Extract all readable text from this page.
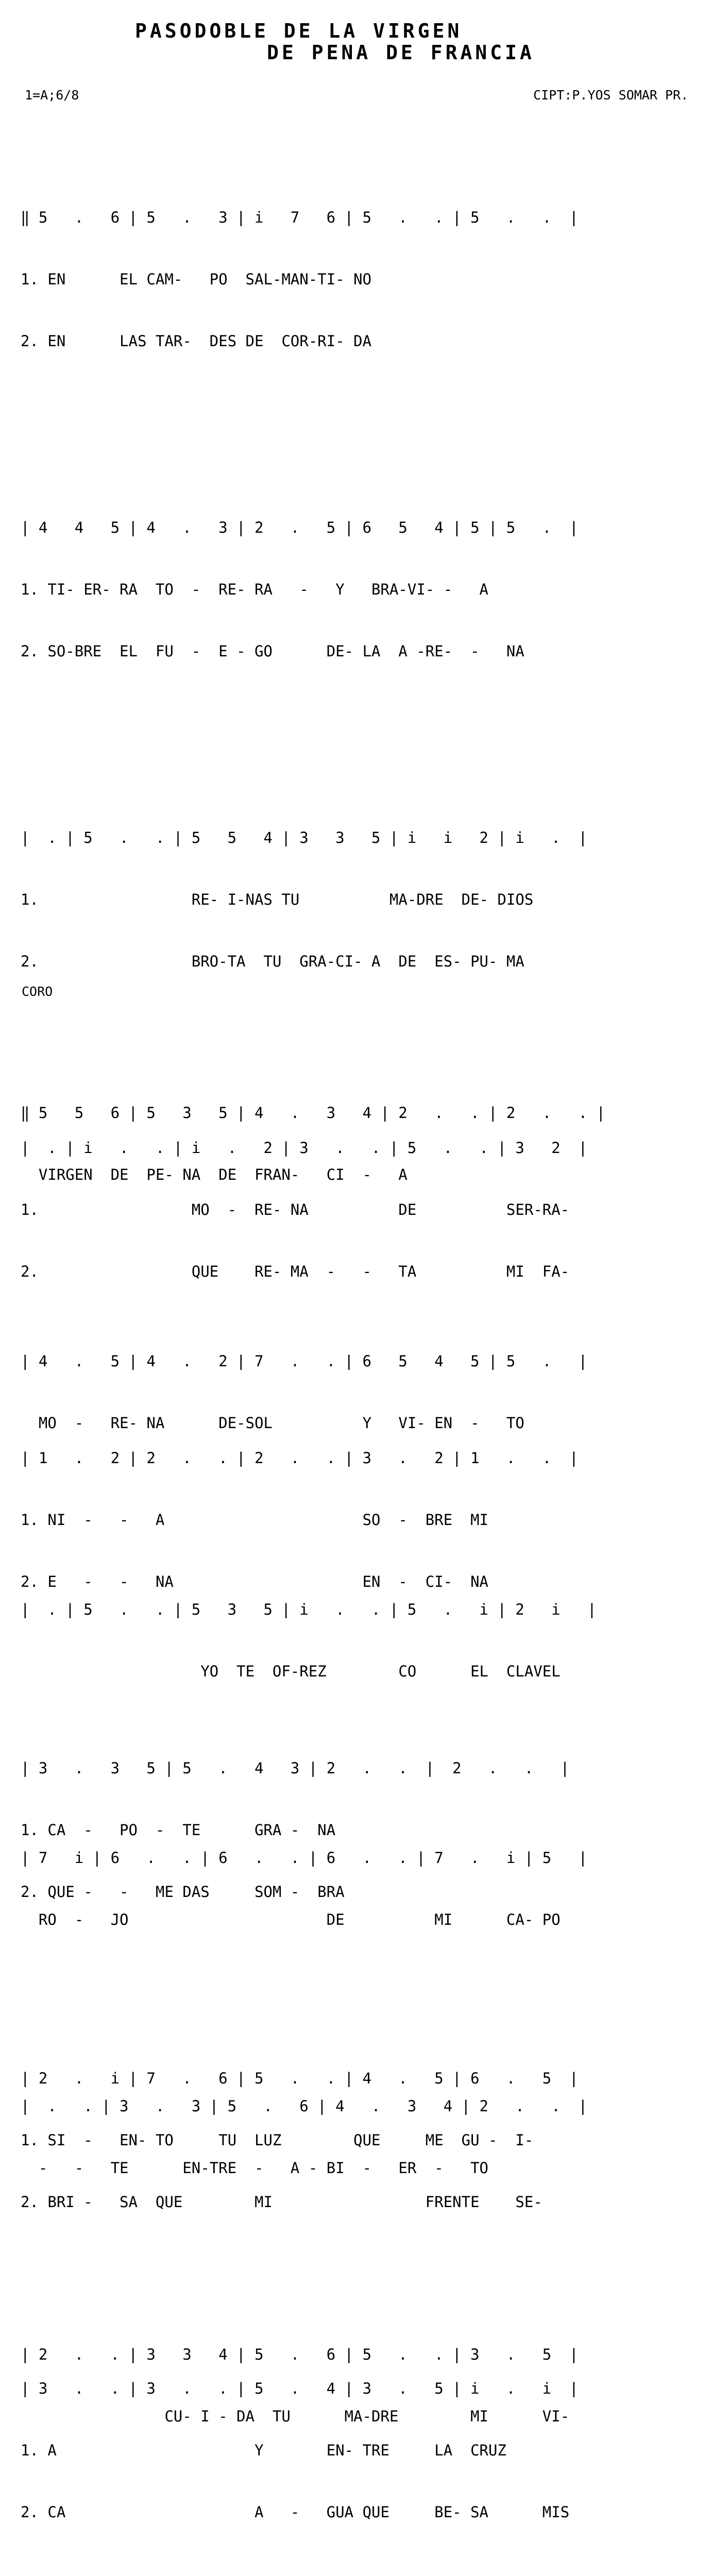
PASODOBLE DE LA VIRGEN
DE PENA DE FRANCIA
1=A;6/8	CIPT:P.YOS SOMAR PR.

‖ 5   .   6 | 5   .   3 | i   7   6 | 5   .   . | 5   .   .  |

1. EN      EL CAM-   PO  SAL-MAN-TI- NO

2. EN      LAS TAR-  DES DE  COR-RI- DA

| 4   4   5 | 4   .   3 | 2   .   5 | 6   5   4 | 5 | 5   .  |

1. TI- ER- RA  TO  -  RE- RA   -   Y   BRA-VI- -   A

2. SO-BRE  EL  FU  -  E - GO      DE- LA  A -RE-  -   NA

|  . | 5   .   . | 5   5   4 | 3   3   5 | i   i   2 | i   .  |

1.                 RE- I-NAS TU          MA-DRE  DE- DIOS

2.                 BRO-TA  TU  GRA-CI- A  DE  ES- PU- MA

|  . | i   .   . | i   .   2 | 3   .   . | 5   .   . | 3   2  |

1.                 MO  -  RE- NA          DE          SER-RA-

2.                 QUE    RE- MA  -   -   TA          MI  FA-

| 1   .   2 | 2   .   . | 2   .   . | 3   .   2 | 1   .   .  |

1. NI  -   -   A                      SO  -  BRE  MI

2. E   -   -   NA                     EN  -  CI-  NA

| 3   .   3   5 | 5   .   4   3 | 2   .   .  |  2   .   .   |

1. CA  -   PO  -  TE      GRA -  NA

2. QUE -   -   ME DAS     SOM -  BRA

| 2   .   i | 7   .   6 | 5   .   . | 4   .   5 | 6   .   5  |

1. SI  -   EN- TO     TU  LUZ        QUE     ME  GU -  I-

2. BRI -   SA  QUE        MI                 FRENTE    SE-

| 3   .   . | 3   .   . | 5   .   4 | 3   .   5 | i   .   i  |

1. A                      Y       EN- TRE     LA  CRUZ

2. CA                     A   -   GUA QUE     BE- SA      MIS

CORO

‖ 5   5   6 | 5   3   5 | 4   .   3   4 | 2   .   . | 2   .   . |

VIRGEN  DE  PE- NA  DE  FRAN-   CI  -   A

| 4   .   5 | 4   .   2 | 7   .   . | 6   5   4   5 | 5   .   |

MO  -   RE- NA      DE-SOL          Y   VI- EN  -   TO

|  . | 5   .   . | 5   3   5 | i   .   . | 5   .   i | 2   i   |

YO  TE  OF-REZ        CO      EL  CLAVEL

| 7   i | 6   .   . | 6   .   . | 6   .   . | 7   .   i | 5   |

RO  -   JO                      DE          MI      CA- PO

|  .   . | 3   .   3 | 5   .   6 | 4   .   3   4 | 2   .   .  |

-   -   TE      EN-TRE  -   A - BI  -   ER  -   TO

| 2   .   . | 3   3   4 | 5   .   6 | 5   .   . | 3   .   5  |

CU- I - DA  TU      MA-DRE        MI      VI-
